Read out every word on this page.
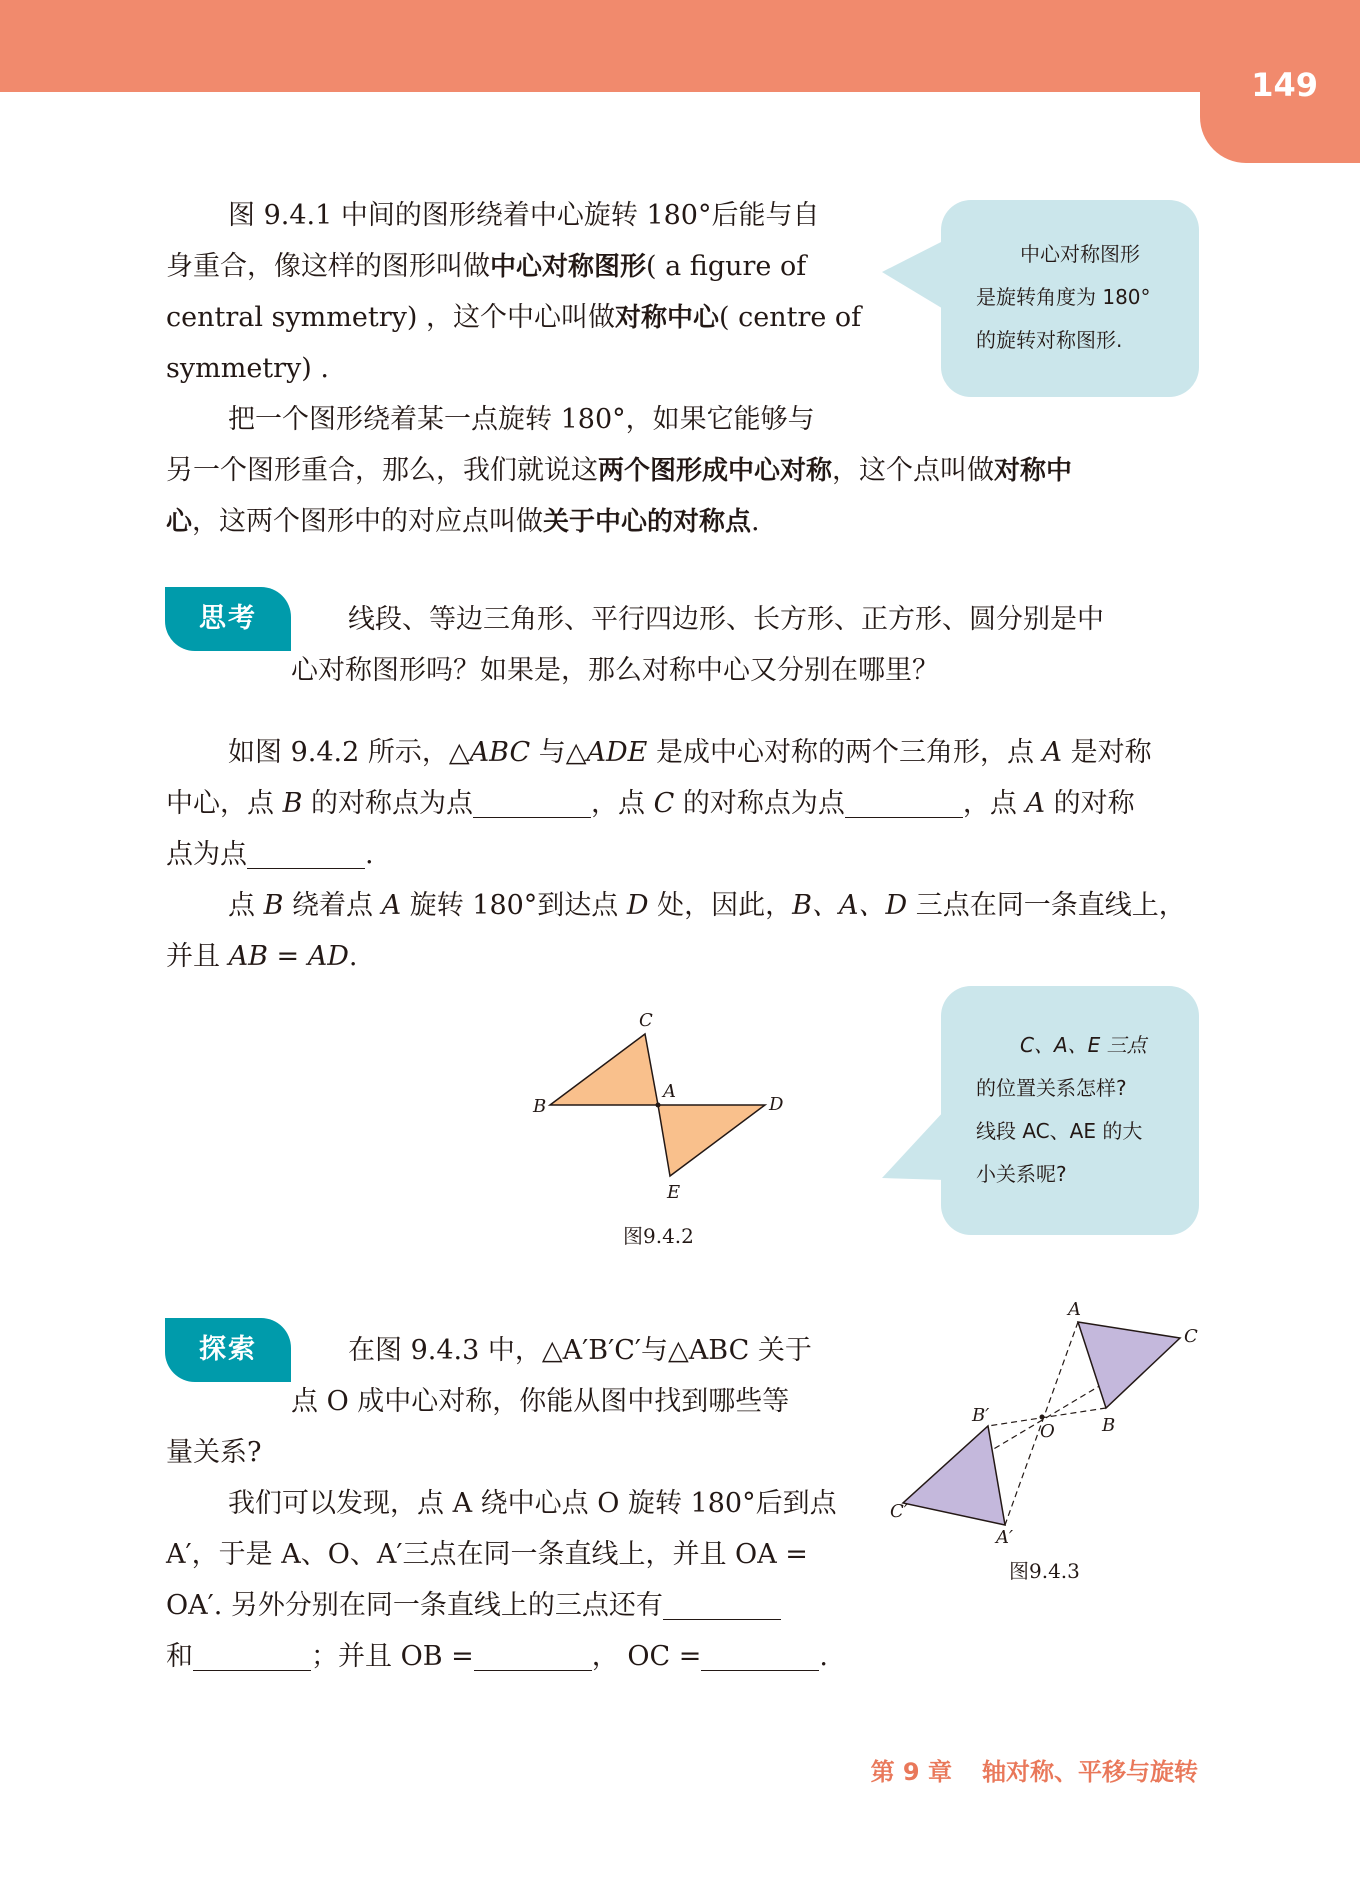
149

图 9.4.1 中间的图形绕着中心旋转 180°后能与自

身重合，像这样的图形叫做中心对称图形( a figure of

central symmetry) ，这个中心叫做对称中心( centre of

symmetry) .

中心对称图形
是旋转角度为 180°
的旋转对称图形.

把一个图形绕着某一点旋转 180°，如果它能够与

另一个图形重合，那么，我们就说这两个图形成中心对称，这个点叫做对称中

心，这两个图形中的对应点叫做关于中心的对称点.

思考	线段、等边三角形、平行四边形、长方形、正方形、圆分别是中

心对称图形吗？如果是，那么对称中心又分别在哪里？

如图 9.4.2 所示，△ABC 与△ADE 是成中心对称的两个三角形，点 A 是对称

中心，点 B 的对称点为点	，点 C 的对称点为点	，点 A 的对称

点为点	.

点 B 绕着点 A 旋转 180°到达点 D 处，因此，B、A、D 三点在同一条直线上，

并且 AB = AD.

C
A
B	D
E
图9.4.2
C、A、E 三点
的位置关系怎样?
线段 AC、AE 的大
小关系呢?
探索	在图 9.4.3 中，△A′B′C′与△ABC 关于

点 O 成中心对称，你能从图中找到哪些等

量关系?

我们可以发现，点 A 绕中心点 O 旋转 180°后到点

A′，于是 A、O、A′三点在同一条直线上，并且 OA =

OA′. 另外分别在同一条直线上的三点还有

和	；并且 OB =	， OC =	.

A
C
B
O
B′
C′
A′
图9.4.3
第 9 章 轴对称、平移与旋转
